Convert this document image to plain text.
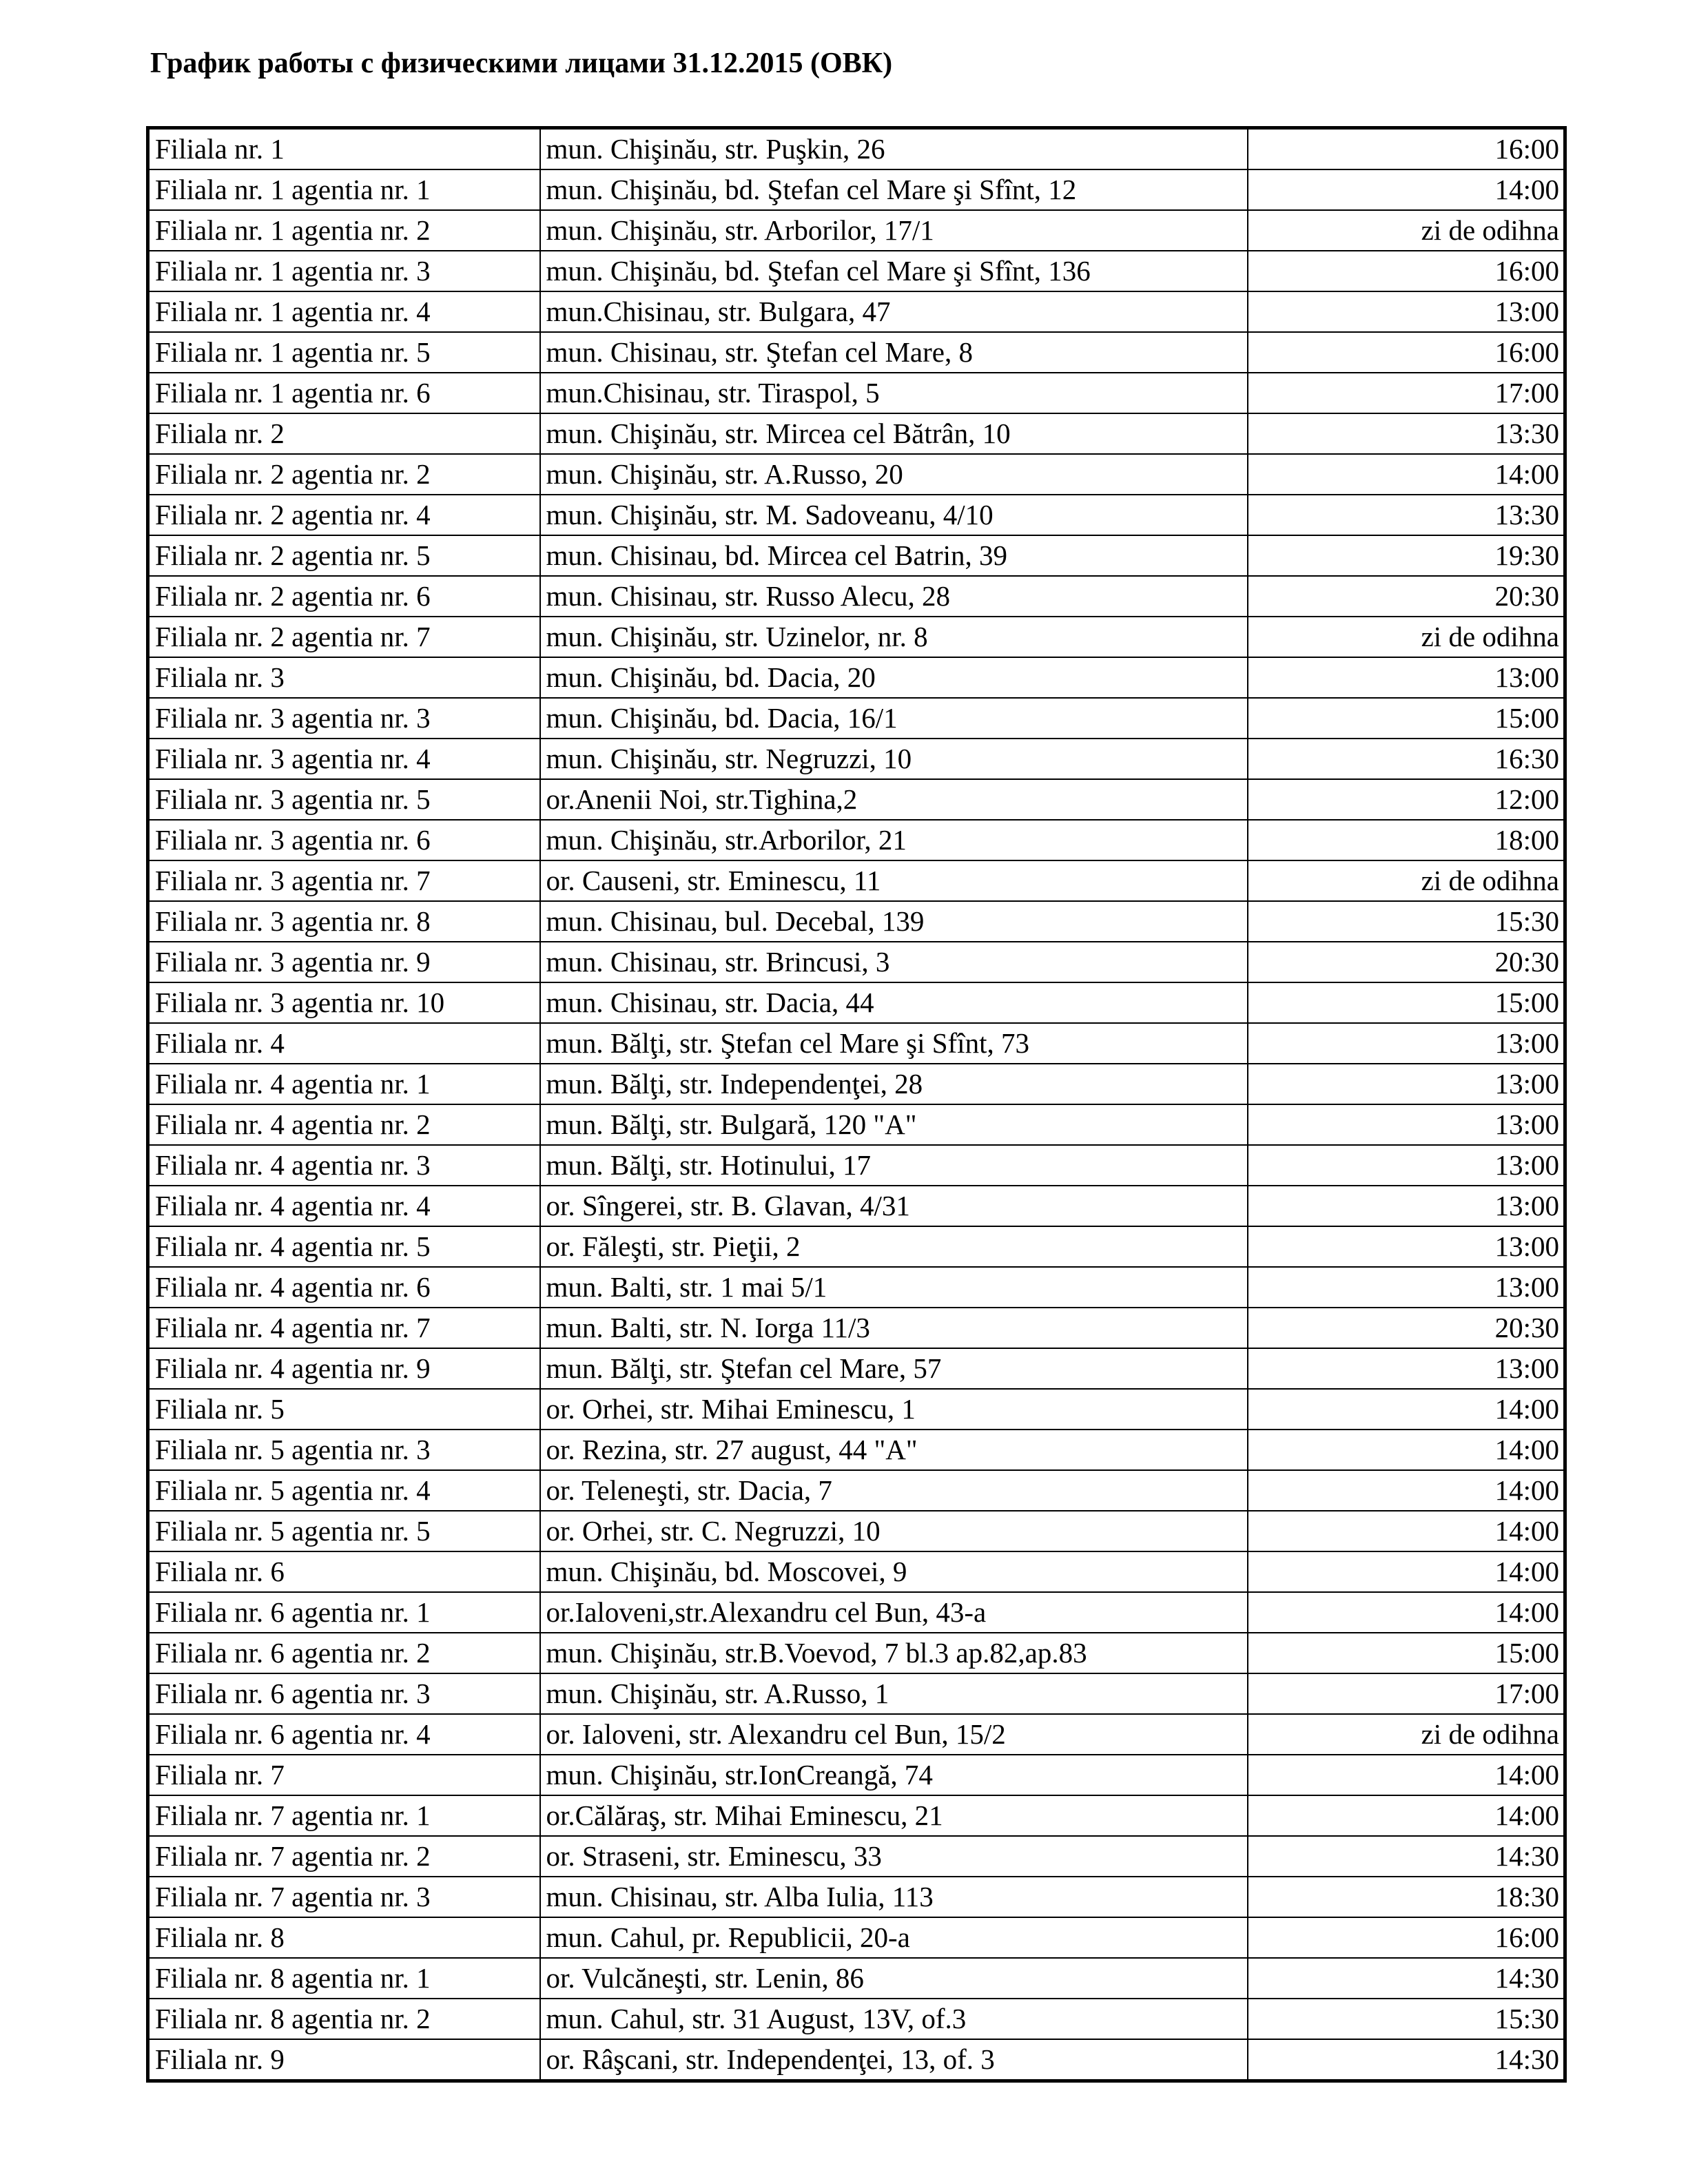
График работы с физическими лицами 31.12.2015 (ОВК)
Filiala nr. 1	mun. Chişinău, str. Puşkin, 26	16:00
Filiala nr. 1 agentia nr. 1	mun. Chişinău, bd. Ştefan cel Mare şi Sfînt, 12	14:00
Filiala nr. 1 agentia nr. 2	mun. Chişinău, str. Arborilor, 17/1	zi de odihna
Filiala nr. 1 agentia nr. 3	mun. Chişinău, bd. Ştefan cel Mare şi Sfînt, 136	16:00
Filiala nr. 1 agentia nr. 4	mun.Chisinau, str. Bulgara, 47	13:00
Filiala nr. 1 agentia nr. 5	mun. Chisinau, str. Ştefan cel Mare, 8	16:00
Filiala nr. 1 agentia nr. 6	mun.Chisinau, str. Tiraspol, 5	17:00
Filiala nr. 2	mun. Chişinău, str. Mircea cel Bătrân, 10	13:30
Filiala nr. 2 agentia nr. 2	mun. Chişinău, str. A.Russo, 20	14:00
Filiala nr. 2 agentia nr. 4	mun. Chişinău, str. M. Sadoveanu, 4/10	13:30
Filiala nr. 2 agentia nr. 5	mun. Chisinau, bd. Mircea cel Batrin, 39	19:30
Filiala nr. 2 agentia nr. 6	mun. Chisinau, str. Russo Alecu, 28	20:30
Filiala nr. 2 agentia nr. 7	mun. Chişinău, str. Uzinelor, nr. 8	zi de odihna
Filiala nr. 3	mun. Chişinău, bd. Dacia, 20	13:00
Filiala nr. 3 agentia nr. 3	mun. Chişinău, bd. Dacia, 16/1	15:00
Filiala nr. 3 agentia nr. 4	mun. Chişinău, str. Negruzzi, 10	16:30
Filiala nr. 3 agentia nr. 5	or.Anenii Noi, str.Tighina,2	12:00
Filiala nr. 3 agentia nr. 6	mun. Chişinău, str.Arborilor, 21	18:00
Filiala nr. 3 agentia nr. 7	or. Causeni, str. Eminescu, 11	zi de odihna
Filiala nr. 3 agentia nr. 8	mun. Chisinau, bul. Decebal, 139	15:30
Filiala nr. 3 agentia nr. 9	mun. Chisinau, str. Brincusi, 3	20:30
Filiala nr. 3 agentia nr. 10	mun. Chisinau, str. Dacia, 44	15:00
Filiala nr. 4	mun. Bălţi, str. Ştefan cel Mare şi Sfînt, 73	13:00
Filiala nr. 4 agentia nr. 1	mun. Bălţi, str. Independenţei, 28	13:00
Filiala nr. 4 agentia nr. 2	mun. Bălţi, str. Bulgară, 120 "A"	13:00
Filiala nr. 4 agentia nr. 3	mun. Bălţi, str. Hotinului, 17	13:00
Filiala nr. 4 agentia nr. 4	or. Sîngerei, str. B. Glavan, 4/31	13:00
Filiala nr. 4 agentia nr. 5	or. Făleşti, str. Pieţii, 2	13:00
Filiala nr. 4 agentia nr. 6	mun. Balti, str. 1 mai 5/1	13:00
Filiala nr. 4 agentia nr. 7	mun. Balti, str. N. Iorga 11/3	20:30
Filiala nr. 4 agentia nr. 9	mun. Bălţi, str. Ştefan cel Mare, 57	13:00
Filiala nr. 5	or. Orhei, str. Mihai Eminescu, 1	14:00
Filiala nr. 5 agentia nr. 3	or. Rezina, str. 27 august, 44 "A"	14:00
Filiala nr. 5 agentia nr. 4	or. Teleneşti, str. Dacia, 7	14:00
Filiala nr. 5 agentia nr. 5	or. Orhei, str. C. Negruzzi, 10	14:00
Filiala nr. 6	mun. Chişinău, bd. Moscovei, 9	14:00
Filiala nr. 6 agentia nr. 1	or.Ialoveni,str.Alexandru cel Bun, 43-a	14:00
Filiala nr. 6 agentia nr. 2	mun. Chişinău, str.B.Voevod, 7 bl.3 ap.82,ap.83	15:00
Filiala nr. 6 agentia nr. 3	mun. Chişinău, str. A.Russo, 1	17:00
Filiala nr. 6 agentia nr. 4	or. Ialoveni, str. Alexandru cel Bun, 15/2	zi de odihna
Filiala nr. 7	mun. Chişinău, str.IonCreangă, 74	14:00
Filiala nr. 7 agentia nr. 1	or.Călăraş, str. Mihai Eminescu, 21	14:00
Filiala nr. 7 agentia nr. 2	or. Straseni, str. Eminescu, 33	14:30
Filiala nr. 7 agentia nr. 3	mun. Chisinau, str. Alba Iulia, 113	18:30
Filiala nr. 8	mun. Cahul, pr. Republicii, 20-a	16:00
Filiala nr. 8 agentia nr. 1	or. Vulcăneşti, str. Lenin, 86	14:30
Filiala nr. 8 agentia nr. 2	mun. Cahul, str. 31 August, 13V, of.3	15:30
Filiala nr. 9	or. Râşcani, str. Independenţei, 13, of. 3	14:30
